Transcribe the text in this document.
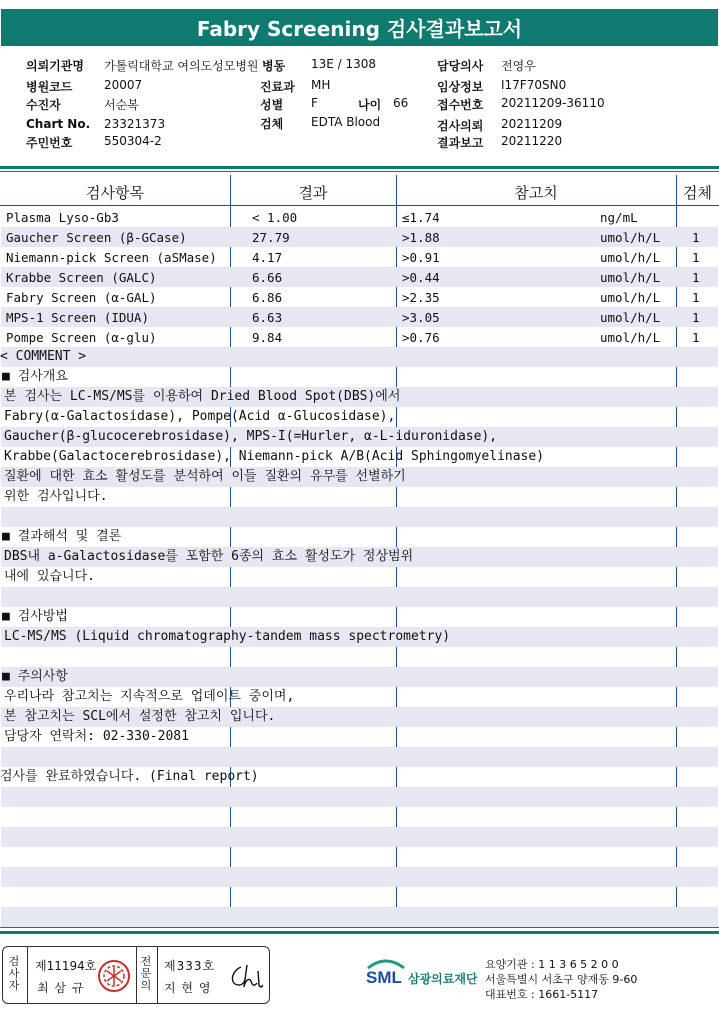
Fabry Screening 검사결과보고서
의뢰기관명 가톨릭대학교 여의도성모병원
병원코드	20007
수진자	서순복
Chart No. 23321373
주민번호	550304-2
병동 13E / 1308
진료과 MH
성별 F	나이 66
검체 EDTA Blood
담당의사 전영우
임상정보 I17F70SN0
접수번호 20211209-36110
검사의뢰 20211209
결과보고 20211220
검사항목	결과	참고치	검체
Plasma Lyso-Gb3	< 1.00	≤1.74	ng/mL
Gaucher Screen (β-GCase)	27.79	>1.88	umol/h/L	1
Niemann-pick Screen (aSMase)	4.17	>0.91	umol/h/L	1
Krabbe Screen (GALC)	6.66	>0.44	umol/h/L	1
Fabry Screen (α-GAL)	6.86	>2.35	umol/h/L	1
MPS-1 Screen (IDUA)	6.63	>3.05	umol/h/L	1
Pompe Screen (α-glu)	9.84	>0.76	umol/h/L	1
< COMMENT >
■ 검사개요
본 검사는 LC-MS/MS를 이용하여 Dried Blood Spot(DBS)에서
Fabry(α-Galactosidase), Pompe(Acid α-Glucosidase),
Gaucher(β-glucocerebrosidase), MPS-I(=Hurler, α-L-iduronidase),
Krabbe(Galactocerebrosidase), Niemann-pick A/B(Acid Sphingomyelinase)
질환에 대한 효소 활성도를 분석하여 이들 질환의 유무를 선별하기
위한 검사입니다.
■ 결과해석 및 결론
DBS내 a-Galactosidase를 포함한 6종의 효소 활성도가 정상범위
내에 있습니다.
■ 검사방법
LC-MS/MS (Liquid chromatography-tandem mass spectrometry)
■ 주의사항
우리나라 참고치는 지속적으로 업데이트 중이며,
본 참고치는 SCL에서 설정한 참고치 입니다.
담당자 연락처: 02-330-2081
검사를 완료하였습니다. (Final report)
검
사
자
제11194호
최 삼 규
전
문
의
제333호
지 현 영
SML 삼광의료재단
요양기관 : 1 1 3 6 5 2 0 0
서울특별시 서초구 양재동 9-60
대표번호 : 1661-5117
